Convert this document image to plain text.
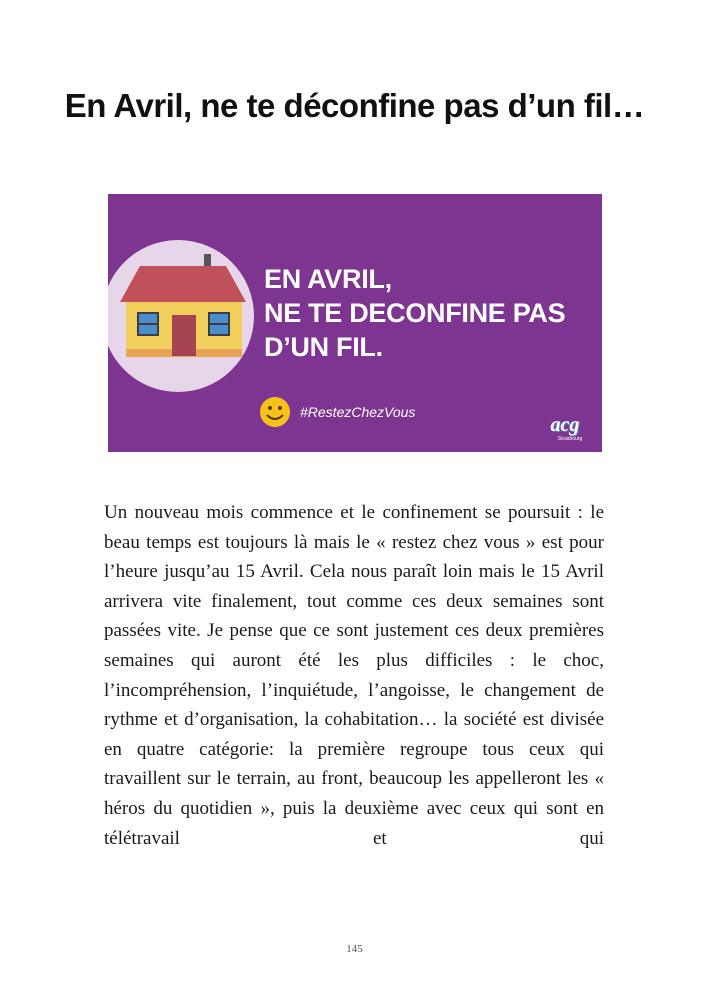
En Avril, ne te déconfine pas d’un fil…
EN AVRIL,
NE TE DECONFINE PAS
D’UN FIL.
#RestezChezVous
acg
Strasbourg

Un nouveau mois commence et le confinement se poursuit : le beau temps est toujours là mais le « restez chez vous » est pour l’heure jusqu’au 15 Avril. Cela nous paraît loin mais le 15 Avril arrivera vite finalement, tout comme ces deux semaines sont passées vite. Je pense que ce sont justement ces deux premières semaines qui auront été les plus difficiles : le choc, l’incompréhension, l’inquiétude, l’angoisse, le changement de rythme et d’organisation, la cohabitation… la société est divisée en quatre catégorie: la première regroupe tous ceux qui travaillent sur le terrain, au front, beaucoup les appelleront les « héros du quotidien », puis la deuxième avec ceux qui sont en télétravail et qui

145
